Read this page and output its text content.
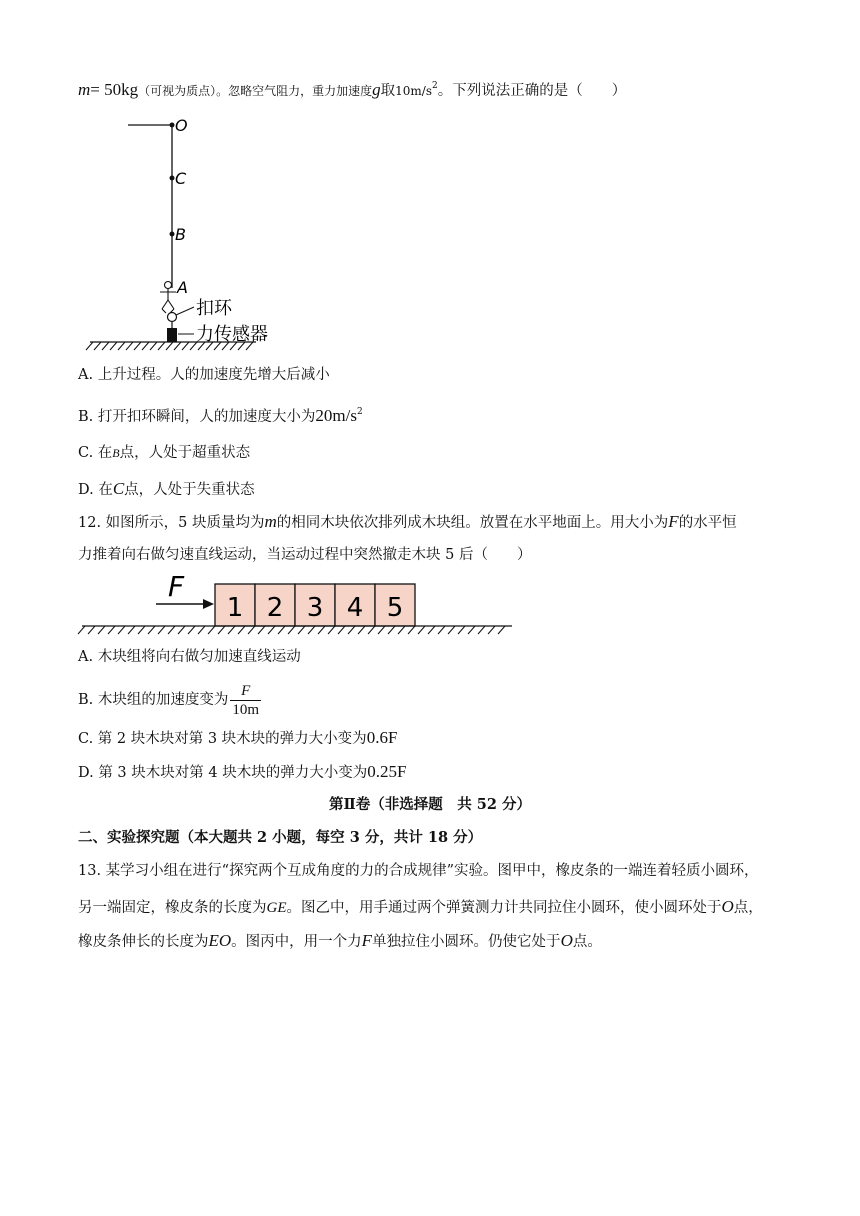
m= 50kg（可视为质点）。忽略空气阻力，重力加速度g取$10m/s^2$。下列说法正确的是（　　）
O
C
B
A
扣环
力传感器
A. 上升过程。人的加速度先增大后减小
B. 打开扣环瞬间，人的加速度大小为$20m/s^2$
C. 在B点，人处于超重状态
D. 在C点，人处于失重状态
12. 如图所示，5 块质量均为m的相同木块依次排列成木块组。放置在水平地面上。用大小为F的水平恒
力推着向右做匀速直线运动，当运动过程中突然撤走木块 5 后（　　）
F
1 2 3 4 5
A. 木块组将向右做匀加速直线运动
B. 木块组的加速度变为 $\frac{F}{10m}$
C. 第 2 块木块对第 3 块木块的弹力大小变为0.6F
D. 第 3 块木块对第 4 块木块的弹力大小变为0.25F
第Ⅱ卷（非选择题　共 52 分）
二、实验探究题（本大题共 2 小题，每空 3 分，共计 18 分）
13. 某学习小组在进行“探究两个互成角度的力的合成规律”实验。图甲中，橡皮条的一端连着轻质小圆环，
另一端固定，橡皮条的长度为GE。图乙中，用手通过两个弹簧测力计共同拉住小圆环，使小圆环处于O点，
橡皮条伸长的长度为EO。图丙中，用一个力F单独拉住小圆环。仍使它处于O点。
